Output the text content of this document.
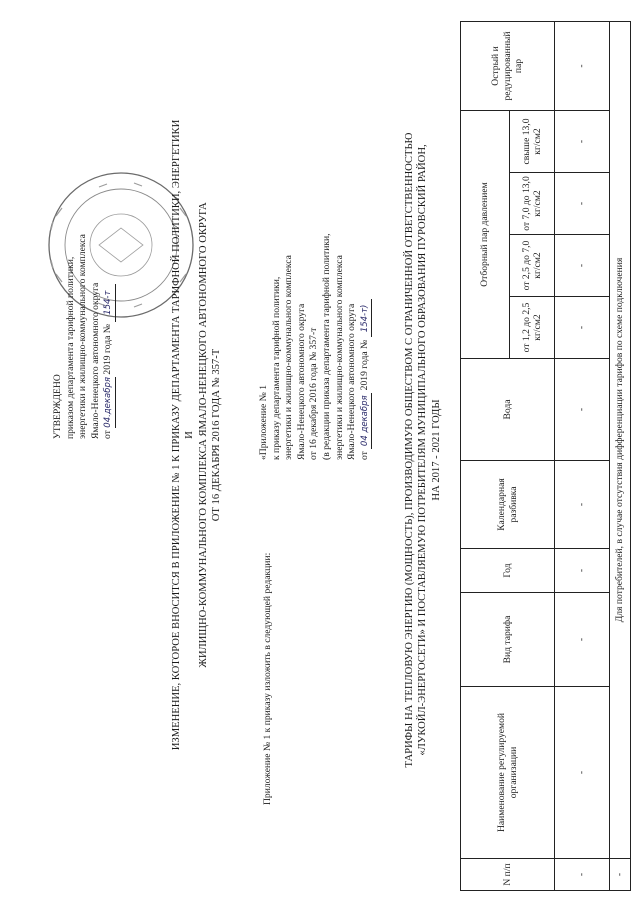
УТВЕРЖДЕНО приказом департамента тарифной политики, энергетики и жилищно-коммунального комплекса Ямало-Ненецкого автономного округа от 04.декабря 2019 года № 154-т	ИЗМЕНЕНИЕ, КОТОРОЕ ВНОСИТСЯ В ПРИЛОЖЕНИЕ № 1 К ПРИКАЗУ ДЕПАРТАМЕНТА ТАРИФНОЙ ПОЛИТИКИ, ЭНЕРГЕТИКИ И ЖИЛИЩНО-КОММУНАЛЬНОГО КОМПЛЕКСА ЯМАЛО-НЕНЕЦКОГО АВТОНОМНОГО ОКРУГА ОТ 16 ДЕКАБРЯ 2016 ГОДА № 357-Т
Приложение № 1 к приказу изложить в следующей редакции:
«Приложение № 1 к приказу департамента тарифной политики, энергетики и жилищно-коммунального комплекса Ямало-Ненецкого автономного округа от 16 декабря 2016 года № 357-т (в редакции приказа департамента тарифной политики, энергетики и жилищно-коммунального комплекса Ямало-Ненецкого автономного округа от 04 декабря 2019 года № 154-т)	ТАРИФЫ НА ТЕПЛОВУЮ ЭНЕРГИЮ (МОЩНОСТЬ), ПРОИЗВОДИМУЮ ОБЩЕСТВОМ С ОГРАНИЧЕННОЙ ОТВЕТСТВЕННОСТЬЮ «ЛУКОЙЛ-ЭНЕРГОСЕТИ» И ПОСТАВЛЯЕМУЮ ПОТРЕБИТЕЛЯМ МУНИЦИПАЛЬНОГО ОБРАЗОВАНИЯ ПУРОВСКИЙ РАЙОН, НА 2017 - 2021 ГОДЫ
N п/п	Наименование регулируемой организации	Вид тарифа	Год	Календарная разбивка	Вода	Отборный пар давлением				Острый и редуцированный пар
						от 1,2 до 2,5 кг/см2	от 2,5 до 7,0 кг/см2	от 7,0 до 13,0 кг/см2	свыше 13,0 кг/см2	
-	-	-	-	-	-	-	-	-	-	-
-	Для потребителей, в случае отсутствия дифференциации тарифов по схеме подключения									
